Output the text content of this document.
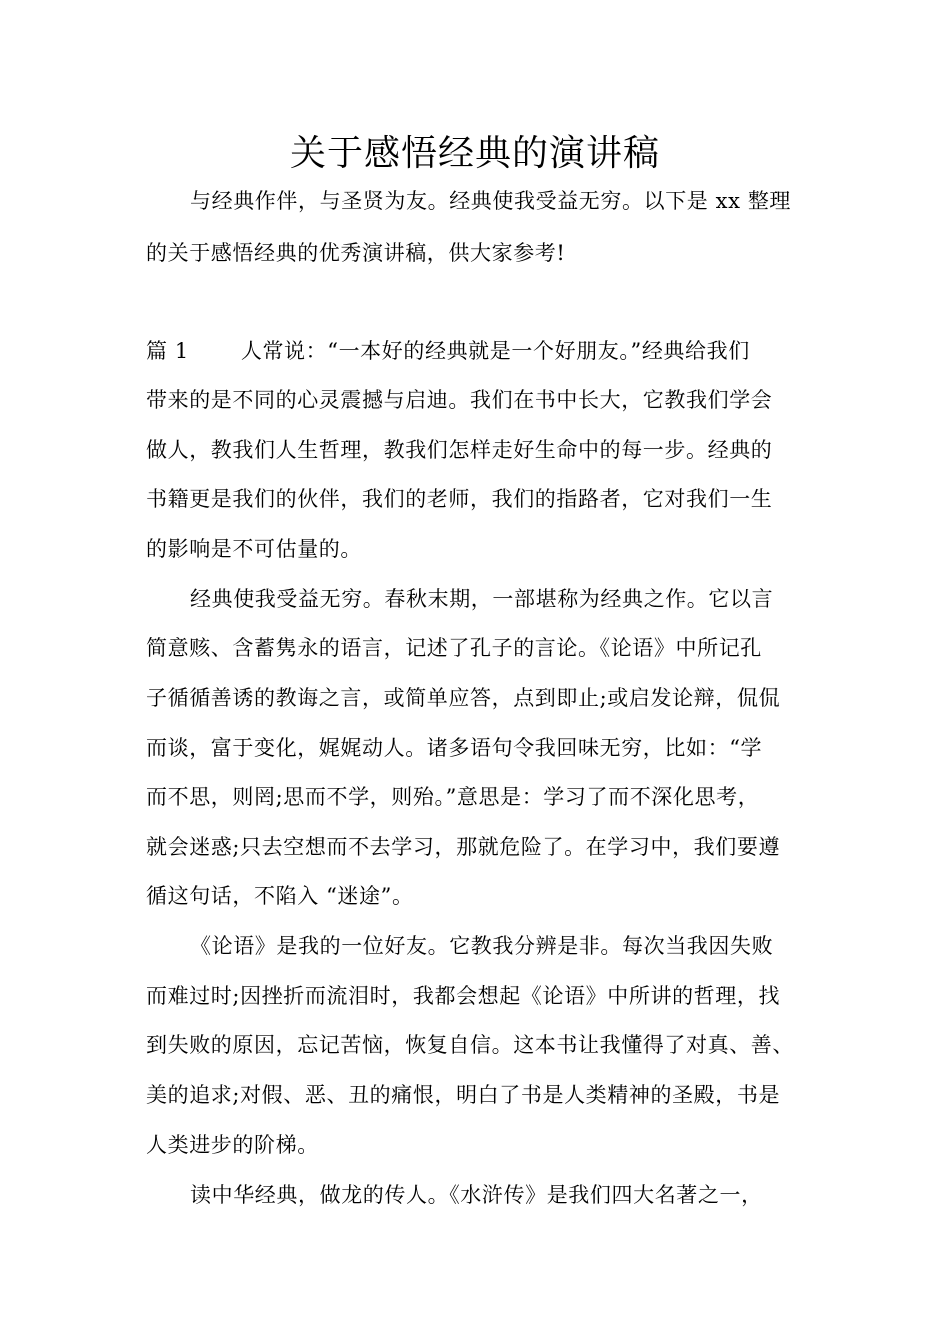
关于感悟经典的演讲稿
与经典作伴，与圣贤为友。经典使我受益无穷。以下是 xx 整理
的关于感悟经典的优秀演讲稿，供大家参考!
篇 1 人常说：“一本好的经典就是一个好朋友。”经典给我们
带来的是不同的心灵震撼与启迪。我们在书中长大，它教我们学会
做人，教我们人生哲理，教我们怎样走好生命中的每一步。经典的
书籍更是我们的伙伴，我们的老师，我们的指路者，它对我们一生
的影响是不可估量的。
经典使我受益无穷。春秋末期，一部堪称为经典之作。它以言
简意赅、含蓄隽永的语言，记述了孔子的言论。《论语》中所记孔
子循循善诱的教诲之言，或简单应答，点到即止;或启发论辩，侃侃
而谈，富于变化，娓娓动人。诸多语句令我回味无穷，比如：“学
而不思，则罔;思而不学，则殆。”意思是：学习了而不深化思考，
就会迷惑;只去空想而不去学习，那就危险了。在学习中，我们要遵
循这句话，不陷入 “迷途”。
《论语》是我的一位好友。它教我分辨是非。每次当我因失败
而难过时;因挫折而流泪时，我都会想起《论语》中所讲的哲理，找
到失败的原因，忘记苦恼，恢复自信。这本书让我懂得了对真、善、
美的追求;对假、恶、丑的痛恨，明白了书是人类精神的圣殿，书是
人类进步的阶梯。
读中华经典，做龙的传人。《水浒传》是我们四大名著之一，
